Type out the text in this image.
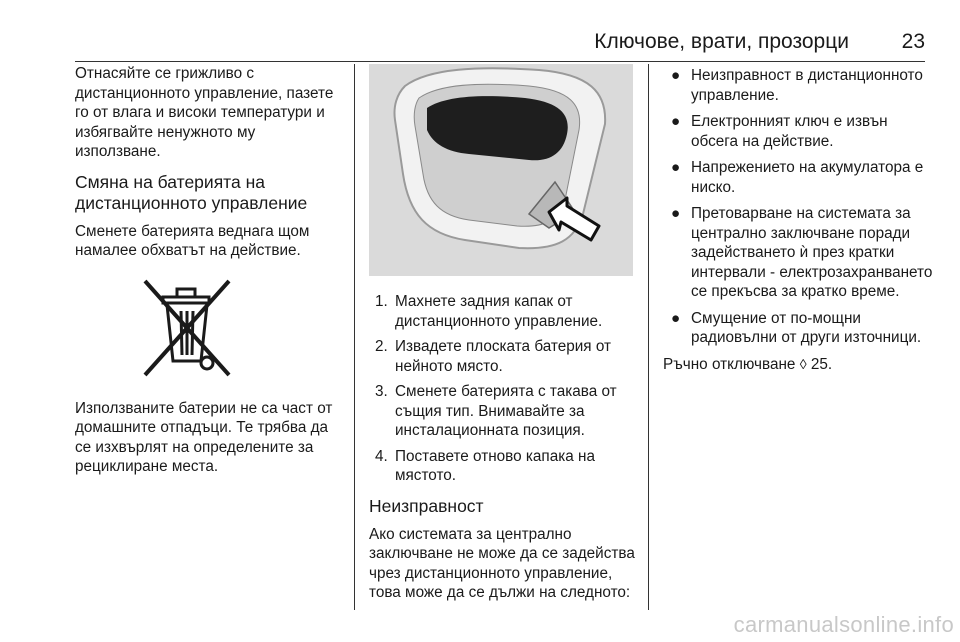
Ключове, врати, прозорци	23

Отнасяйте се грижливо с дистанционното управление, пазете го от влага и високи температури и избягвайте ненужното му използване.

Смяна на батерията на дистанционното управление

Сменете батерията веднага щом намалее обхватът на действие.

Използваните батерии не са част от домашните отпадъци. Те трябва да се изхвърлят на определените за рециклиране места.

1. Махнете задния капак от дистанционното управление.
2. Извадете плоската батерия от нейното място.
3. Сменете батерията с такава от същия тип. Внимавайте за инсталационната позиция.
4. Поставете отново капака на мястото.
Неизправност

Ако системата за централно заключване не може да се задейства чрез дистанционното управление, това може да се дължи на следното:

● Неизправност в дистанционното управление.
● Електронният ключ е извън обсега на действие.
● Напрежението на акумулатора е ниско.
● Претоварване на системата за централно заключване поради задействането ѝ през кратки интервали - електрозахранването се прекъсва за кратко време.
● Смущение от по-мощни радиовълни от други източници.

Ръчно отключване ◊ 25.

carmanualsonline.info
